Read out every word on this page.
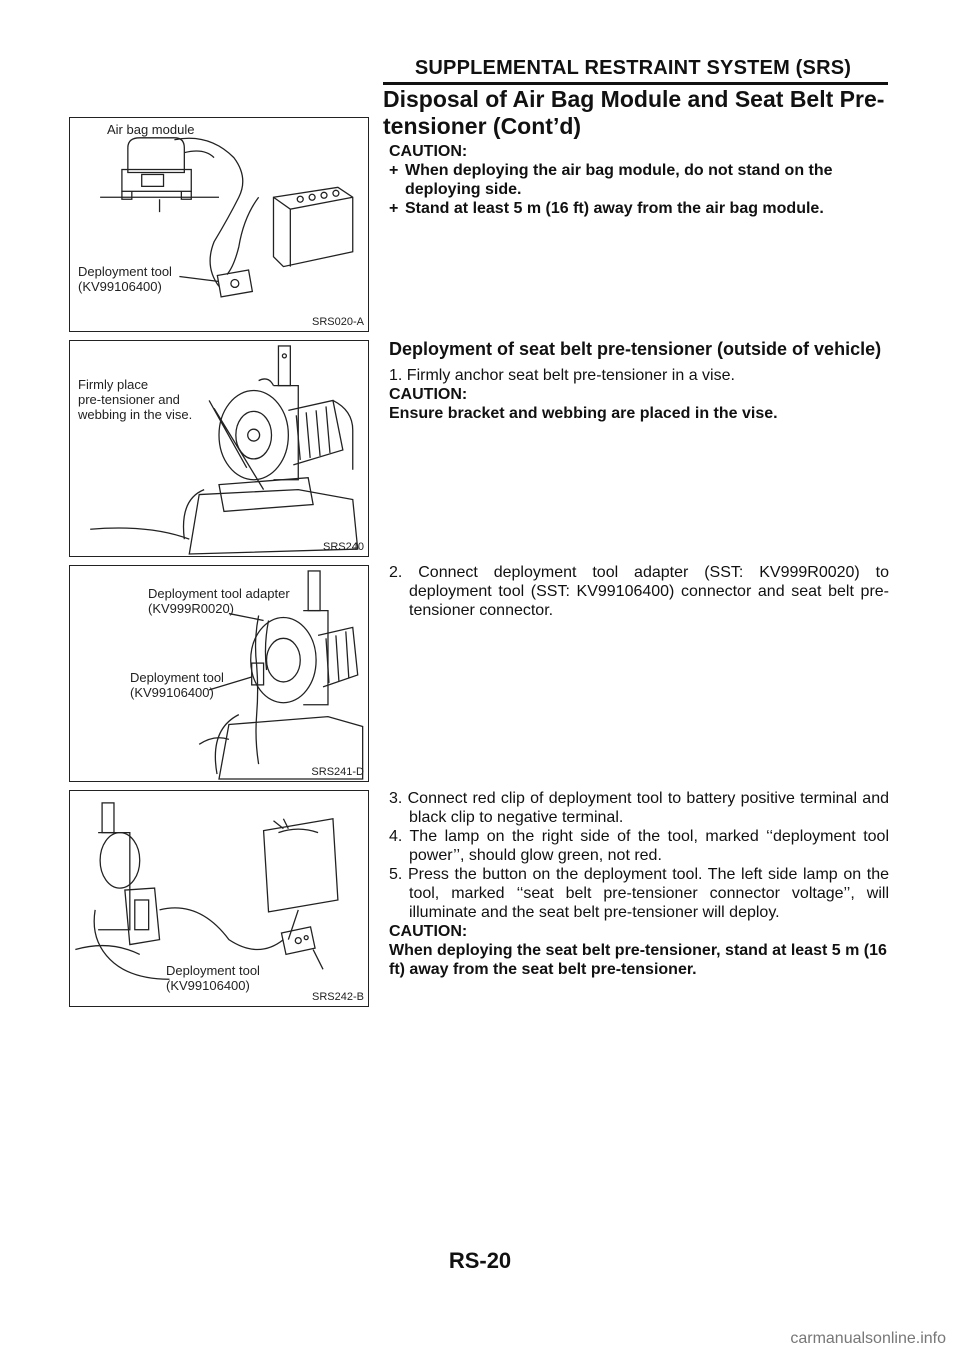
SUPPLEMENTAL RESTRAINT SYSTEM (SRS)
Disposal of Air Bag Module and Seat Belt Pre-tensioner (Cont’d)
Air bag module
Deployment tool
(KV99106400)
SRS020-A
Firmly place
pre-tensioner and
webbing in the vise.
SRS240
Deployment tool adapter
(KV999R0020)
Deployment tool
(KV99106400)
SRS241-D
Deployment tool
(KV99106400)
SRS242-B

CAUTION:

+ When deploying the air bag module, do not stand on the deploying side.
+ Stand at least 5 m (16 ft) away from the air bag module.

Deployment of seat belt pre-tensioner (outside of vehicle)

1. Firmly anchor seat belt pre-tensioner in a vise.

CAUTION:

Ensure bracket and webbing are placed in the vise.

2. Connect deployment tool adapter (SST: KV999R0020) to deployment tool (SST: KV99106400) connector and seat belt pre-tensioner connector.

3. Connect red clip of deployment tool to battery positive terminal and black clip to negative terminal.

4. The lamp on the right side of the tool, marked ‘‘deployment tool power’’, should glow green, not red.

5. Press the button on the deployment tool. The left side lamp on the tool, marked ‘‘seat belt pre-tensioner connector voltage’’, will illuminate and the seat belt pre-tensioner will deploy.

CAUTION:

When deploying the seat belt pre-tensioner, stand at least 5 m (16 ft) away from the seat belt pre-tensioner.

RS-20
carmanualsonline.info
